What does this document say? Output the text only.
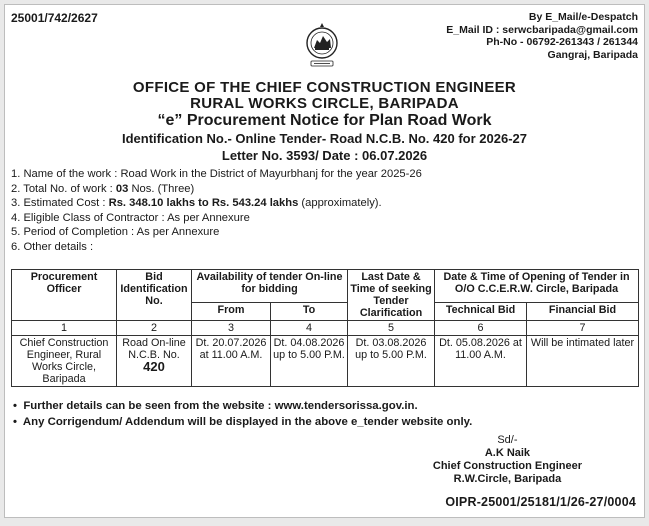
25001/742/2627	By E_Mail/e-Despatch
E_Mail ID : serwcbaripada@gmail.com
Ph-No - 06792-261343 / 261344
Gangraj, Baripada
OFFICE OF THE CHIEF CONSTRUCTION ENGINEER
RURAL WORKS CIRCLE, BARIPADA
“e” Procurement Notice for Plan Road Work
Identification No.- Online Tender- Road N.C.B. No. 420 for 2026-27
Letter No. 3593/ Date : 06.07.2026
1. Name of the work : Road Work in the District of Mayurbhanj for the year 2025-26
2. Total No. of work : 03 Nos. (Three)
3. Estimated Cost : Rs. 348.10 lakhs to Rs. 543.24 lakhs (approximately).
4. Eligible Class of Contractor : As per Annexure
5. Period of Completion : As per Annexure
6. Other details :
Procurement Officer	Bid Identification No.	Availability of tender On-line for bidding		Last Date & Time of seeking Tender Clarification	Date & Time of Opening of Tender in O/O C.C.E.R.W. Circle, Baripada	
		From	To		Technical Bid	Financial Bid
1	2	3	4	5	6	7
Chief Construction Engineer, Rural Works Circle, Baripada	Road On-line N.C.B. No. 420	Dt. 20.07.2026 at 11.00 A.M.	Dt. 04.08.2026 up to 5.00 P.M.	Dt. 03.08.2026 up to 5.00 P.M.	Dt. 05.08.2026 at 11.00 A.M.	Will be intimated later
•  Further details can be seen from the website : www.tendersorissa.gov.in.
•  Any Corrigendum/ Addendum will be displayed in the above e_tender website only.
Sd/-
A.K Naik
Chief Construction Engineer
R.W.Circle, Baripada
OIPR-25001/25181/1/26-27/0004
